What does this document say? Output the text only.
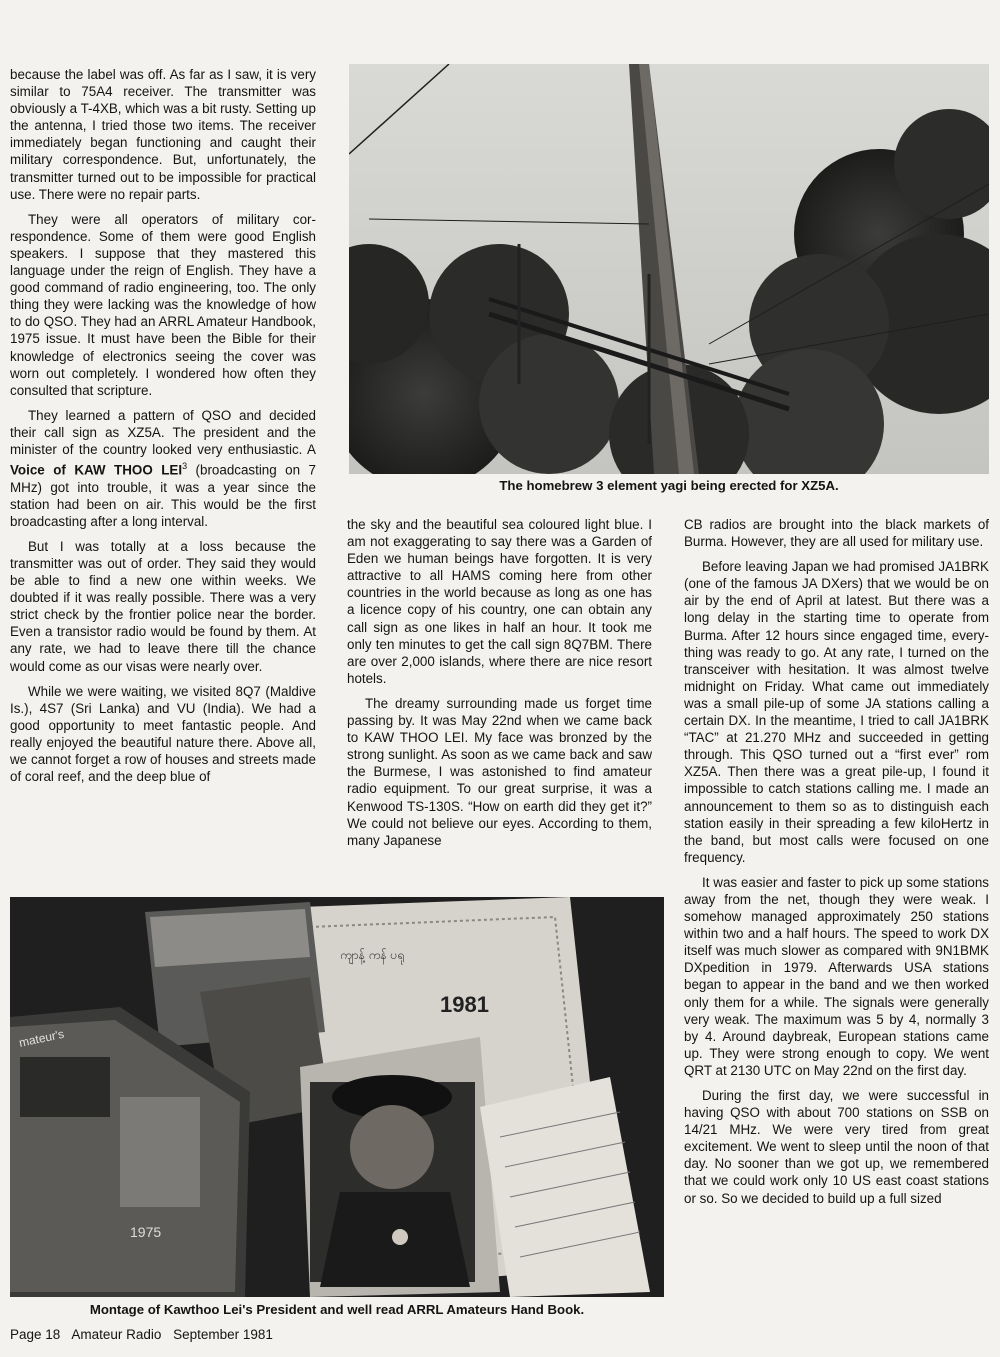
because the label was off. As far as I saw, it is very similar to 75A4 receiver. The transmitter was obviously a T-4XB, which was a bit rusty. Setting up the antenna, I tried those two items. The receiver immediately began functioning and caught their military correspondence. But, unfortunately, the transmitter turned out to be impossible for practical use. There were no repair parts.

They were all operators of military correspondence. Some of them were good English speakers. I suppose that they mastered this language under the reign of English. They have a good command of radio engineering, too. The only thing they were lacking was the knowledge of how to do QSO. They had an ARRL Amateur Handbook, 1975 issue. It must have been the Bible for their knowledge of electronics seeing the cover was worn out completely. I wondered how often they consulted that scripture.

They learned a pattern of QSO and decided their call sign as XZ5A. The president and the minister of the country looked very enthusiastic. A Voice of KAW THOO LEI$^3$ (broadcasting on 7 MHz) got into trouble, it was a year since the station had been on air. This would be the first broadcasting after a long interval.

But I was totally at a loss because the transmitter was out of order. They said they would be able to find a new one within weeks. We doubted if it was really possible. There was a very strict check by the frontier police near the border. Even a transistor radio would be found by them. At any rate, we had to leave there till the chance would come as our visas were nearly over.

While we were waiting, we visited 8Q7 (Maldive Is.), 4S7 (Sri Lanka) and VU (India). We had a good opportunity to meet fantastic people. And really enjoyed the beautiful nature there. Above all, we cannot forget a row of houses and streets made of coral reef, and the deep blue of

The homebrew 3 element yagi being erected for XZ5A.

the sky and the beautiful sea coloured light blue. I am not exaggerating to say there was a Garden of Eden we human beings have forgotten. It is very attractive to all HAMS coming here from other countries in the world because as long as one has a licence copy of his country, one can obtain any call sign as one likes in half an hour. It took me only ten minutes to get the call sign 8Q7BM. There are over 2,000 islands, where there are nice resort hotels.

The dreamy surrounding made us forget time passing by. It was May 22nd when we came back to KAW THOO LEI. My face was bronzed by the strong sunlight. As soon as we came back and saw the Burmese, I was astonished to find amateur radio equipment. To our great surprise, it was a Kenwood TS-130S. “How on earth did they get it?” We could not believe our eyes. According to them, many Japanese

CB radios are brought into the black markets of Burma. However, they are all used for military use.

Before leaving Japan we had promised JA1BRK (one of the famous JA DXers) that we would be on air by the end of April at latest. But there was a long delay in the starting time to operate from Burma. After 12 hours since engaged time, everything was ready to go. At any rate, I turned on the transceiver with hesitation. It was almost twelve midnight on Friday. What came out immediately was a small pile-up of some JA stations calling a certain DX. In the meantime, I tried to call JA1BRK “TAC” at 21.270 MHz and succeeded in getting through. This QSO turned out a “first ever” rom XZ5A. Then there was a great pile-up, I found it impossible to catch stations calling me. I made an announcement to them so as to distinguish each station easily in their spreading a few kiloHertz in the band, but most calls were focused on one frequency.

It was easier and faster to pick up some stations away from the net, though they were weak. I somehow managed approximately 250 stations within two and a half hours. The speed to work DX itself was much slower as compared with 9N1BMK DXpedition in 1979. Afterwards USA stations began to appear in the band and we then worked only them for a while. The signals were generally very weak. The maximum was 5 by 4, normally 3 by 4. Around daybreak, European stations came up. They were strong enough to copy. We went QRT at 2130 UTC on May 22nd on the first day.

During the first day, we were successful in having QSO with about 700 stations on SSB on 14/21 MHz. We were very tired from great excitement. We went to sleep until the noon of that day. No sooner than we got up, we remembered that we could work only 10 US east coast stations or so. So we decided to build up a full sized

ကျာန့် ကန် ပရု
1981
1975
mateur's
Montage of Kawthoo Lei's President and well read ARRL Amateurs Hand Book.
Page 18 Amateur Radio September 1981
